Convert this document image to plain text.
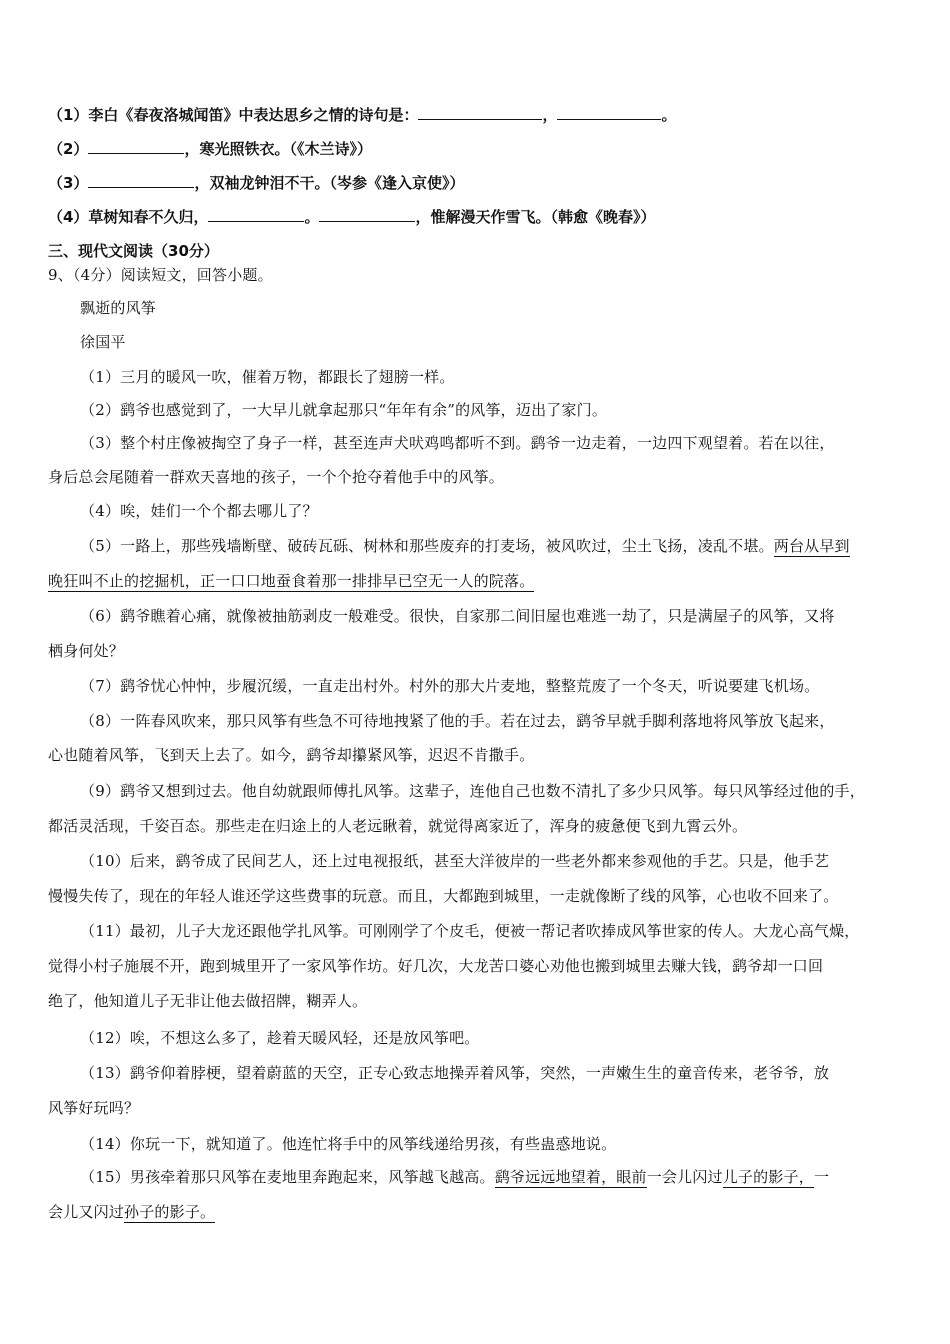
（1）李白《春夜洛城闻笛》中表达思乡之情的诗句是：	，	。
（2）	，寒光照铁衣。（《木兰诗》）
（3）	，双袖龙钟泪不干。（岑参《逢入京使》）
（4）草树知春不久归，	。	，惟解漫天作雪飞。（韩愈《晚春》）
三、现代文阅读（30分）
9、（4分）阅读短文，回答小题。
飘逝的风筝
徐国平
（1）三月的暖风一吹，催着万物，都跟长了翅膀一样。
（2）鹞爷也感觉到了，一大早儿就拿起那只“年年有余”的风筝，迈出了家门。
（3）整个村庄像被掏空了身子一样，甚至连声犬吠鸡鸣都听不到。鹞爷一边走着，一边四下观望着。若在以往，
身后总会尾随着一群欢天喜地的孩子，一个个抢夺着他手中的风筝。
（4）唉，娃们一个个都去哪儿了？
（5）一路上，那些残墙断壁、破砖瓦砾、树林和那些废弃的打麦场，被风吹过，尘土飞扬，凌乱不堪。两台从早到
晚狂叫不止的挖掘机，正一口口地蚕食着那一排排早已空无一人的院落。
（6）鹞爷瞧着心痛，就像被抽筋剥皮一般难受。很快，自家那二间旧屋也难逃一劫了，只是满屋子的风筝，又将
栖身何处？
（7）鹞爷忧心忡忡，步履沉缓，一直走出村外。村外的那大片麦地，整整荒废了一个冬天，听说要建飞机场。
（8）一阵春风吹来，那只风筝有些急不可待地拽紧了他的手。若在过去，鹞爷早就手脚利落地将风筝放飞起来，
心也随着风筝，飞到天上去了。如今，鹞爷却攥紧风筝，迟迟不肯撒手。
（9）鹞爷又想到过去。他自幼就跟师傅扎风筝。这辈子，连他自己也数不清扎了多少只风筝。每只风筝经过他的手，
都活灵活现，千姿百态。那些走在归途上的人老远瞅着，就觉得离家近了，浑身的疲惫便飞到九霄云外。
（10）后来，鹞爷成了民间艺人，还上过电视报纸，甚至大洋彼岸的一些老外都来参观他的手艺。只是，他手艺
慢慢失传了，现在的年轻人谁还学这些费事的玩意。而且，大都跑到城里，一走就像断了线的风筝，心也收不回来了。
（11）最初，儿子大龙还跟他学扎风筝。可刚刚学了个皮毛，便被一帮记者吹捧成风筝世家的传人。大龙心高气燥，
觉得小村子施展不开，跑到城里开了一家风筝作坊。好几次，大龙苦口婆心劝他也搬到城里去赚大钱，鹞爷却一口回
绝了，他知道儿子无非让他去做招牌，糊弄人。
（12）唉，不想这么多了，趁着天暖风轻，还是放风筝吧。
（13）鹞爷仰着脖梗，望着蔚蓝的天空，正专心致志地操弄着风筝，突然，一声嫩生生的童音传来，老爷爷，放
风筝好玩吗？
（14）你玩一下，就知道了。他连忙将手中的风筝线递给男孩，有些蛊惑地说。
（15）男孩牵着那只风筝在麦地里奔跑起来，风筝越飞越高。鹞爷远远地望着，眼前一会儿闪过儿子的影子，一
会儿又闪过孙子的影子。
